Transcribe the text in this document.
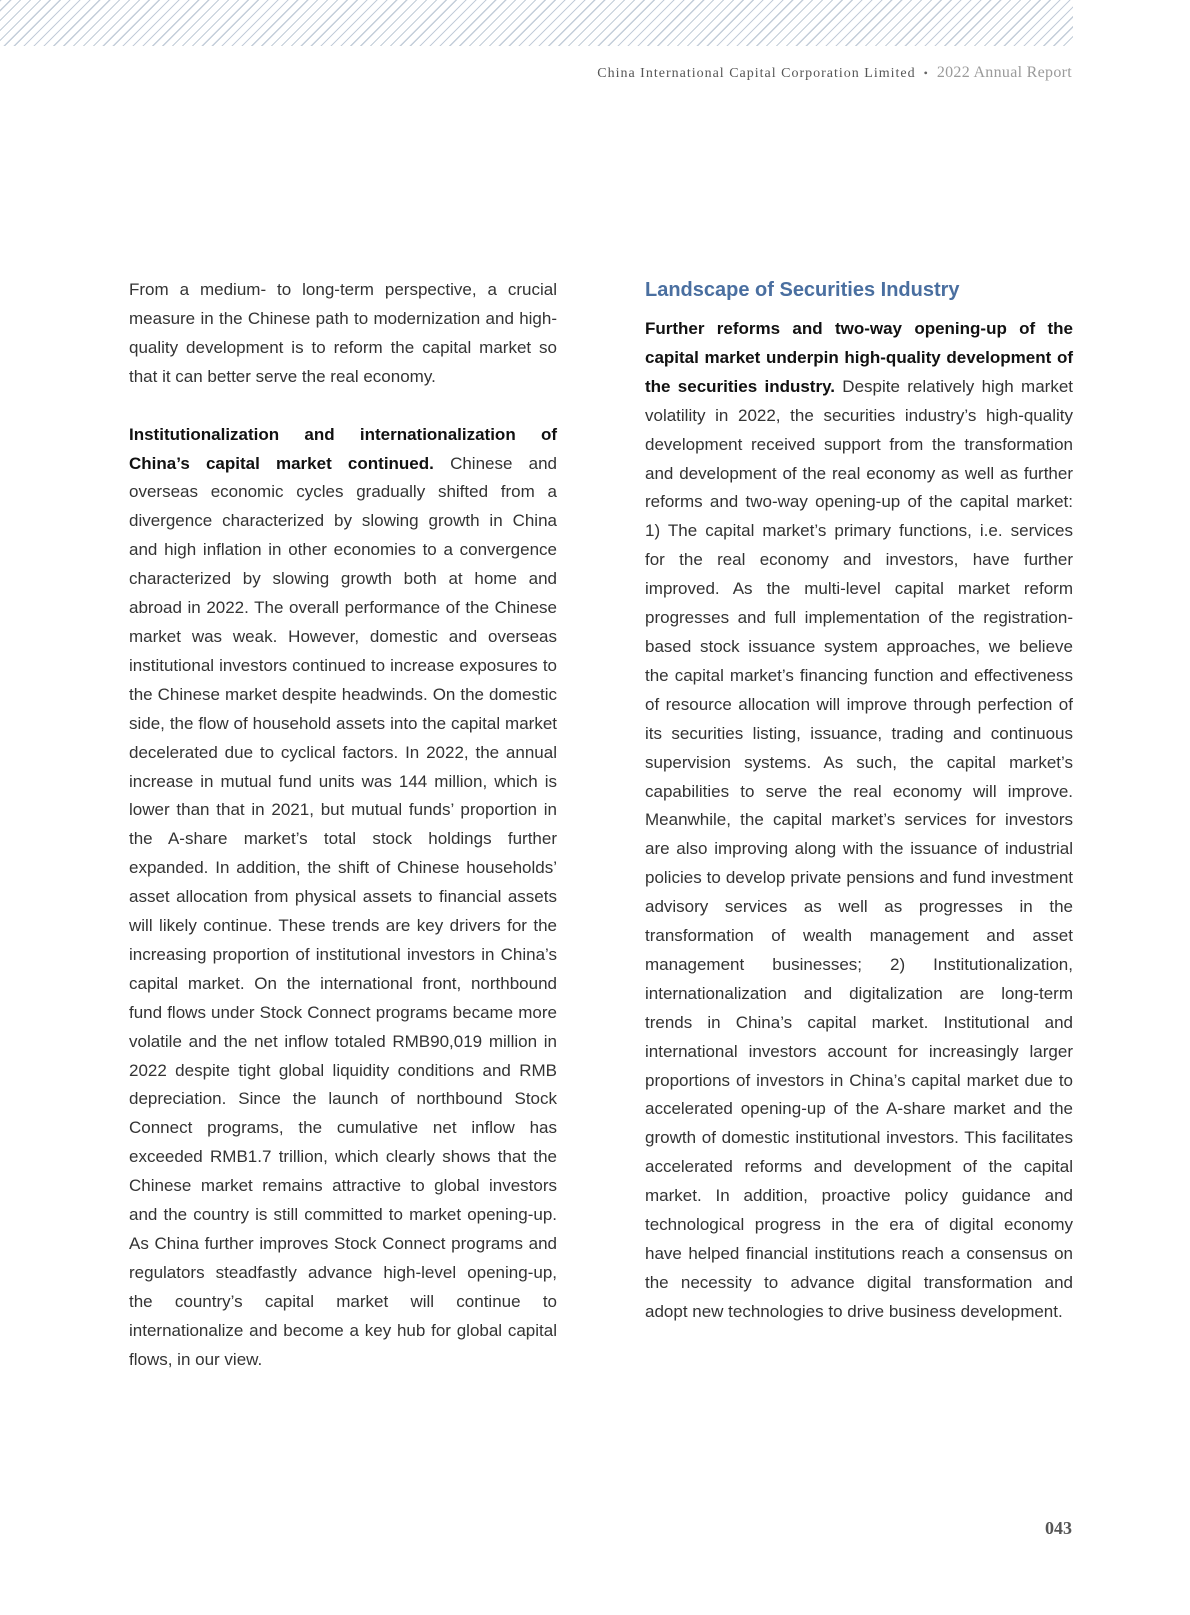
China International Capital Corporation Limited • 2022 Annual Report

From a medium- to long-term perspective, a crucial measure in the Chinese path to modernization and high-quality development is to reform the capital market so that it can better serve the real economy.

Institutionalization and internationalization of China’s capital market continued. Chinese and overseas economic cycles gradually shifted from a divergence characterized by slowing growth in China and high inflation in other economies to a convergence characterized by slowing growth both at home and abroad in 2022. The overall performance of the Chinese market was weak. However, domestic and overseas institutional investors continued to increase exposures to the Chinese market despite headwinds. On the domestic side, the flow of household assets into the capital market decelerated due to cyclical factors. In 2022, the annual increase in mutual fund units was 144 million, which is lower than that in 2021, but mutual funds’ proportion in the A-share market’s total stock holdings further expanded. In addition, the shift of Chinese households’ asset allocation from physical assets to financial assets will likely continue. These trends are key drivers for the increasing proportion of institutional investors in China’s capital market. On the international front, northbound fund flows under Stock Connect programs became more volatile and the net inflow totaled RMB90,019 million in 2022 despite tight global liquidity conditions and RMB depreciation. Since the launch of northbound Stock Connect programs, the cumulative net inflow has exceeded RMB1.7 trillion, which clearly shows that the Chinese market remains attractive to global investors and the country is still committed to market opening-up. As China further improves Stock Connect programs and regulators steadfastly advance high-level opening-up, the country’s capital market will continue to internationalize and become a key hub for global capital flows, in our view.

Landscape of Securities Industry

Further reforms and two-way opening-up of the capital market underpin high-quality development of the securities industry. Despite relatively high market volatility in 2022, the securities industry’s high-quality development received support from the transformation and development of the real economy as well as further reforms and two-way opening-up of the capital market: 1) The capital market’s primary functions, i.e. services for the real economy and investors, have further improved. As the multi-level capital market reform progresses and full implementation of the registration-based stock issuance system approaches, we believe the capital market’s financing function and effectiveness of resource allocation will improve through perfection of its securities listing, issuance, trading and continuous supervision systems. As such, the capital market’s capabilities to serve the real economy will improve. Meanwhile, the capital market’s services for investors are also improving along with the issuance of industrial policies to develop private pensions and fund investment advisory services as well as progresses in the transformation of wealth management and asset management businesses; 2) Institutionalization, internationalization and digitalization are long-term trends in China’s capital market. Institutional and international investors account for increasingly larger proportions of investors in China’s capital market due to accelerated opening-up of the A-share market and the growth of domestic institutional investors. This facilitates accelerated reforms and development of the capital market. In addition, proactive policy guidance and technological progress in the era of digital economy have helped financial institutions reach a consensus on the necessity to advance digital transformation and adopt new technologies to drive business development.

043
